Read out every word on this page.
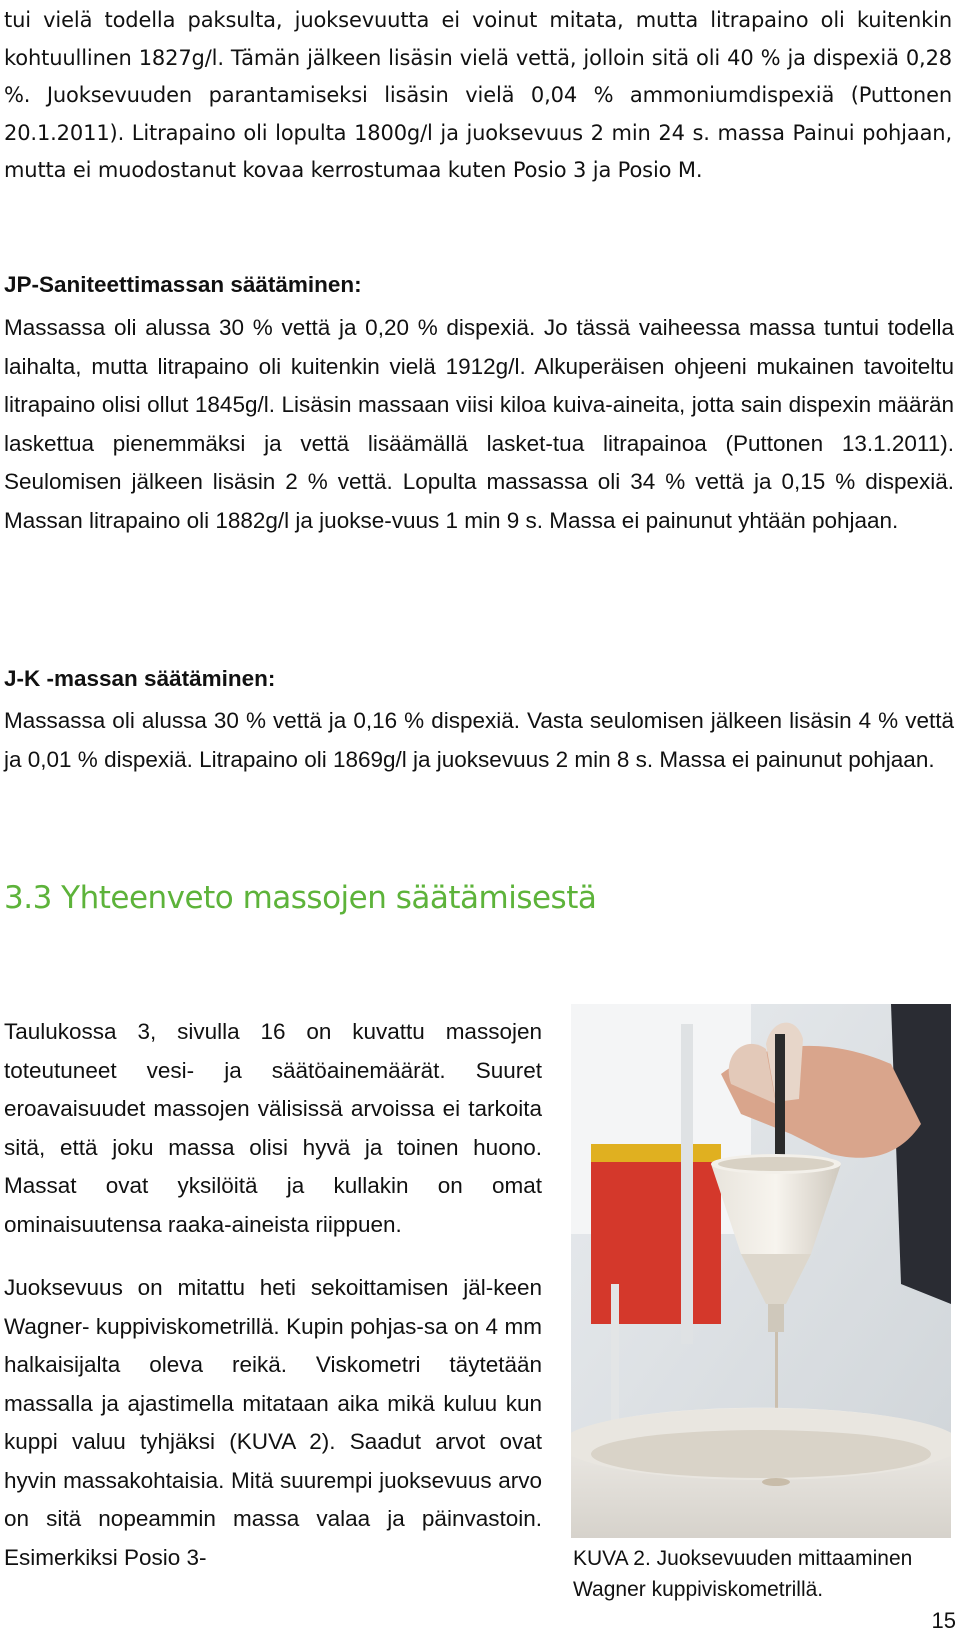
tui vielä todella paksulta, juoksevuutta ei voinut mitata, mutta litrapaino oli kuitenkin kohtuullinen 1827g/l. Tämän jälkeen lisäsin vielä vettä, jolloin sitä oli 40 % ja dispexiä 0,28 %. Juoksevuuden parantamiseksi lisäsin vielä 0,04 % ammoniumdispexiä (Puttonen 20.1.2011). Litrapaino oli lopulta 1800g/l ja juoksevuus 2 min 24 s. massa Painui pohjaan, mutta ei muodostanut kovaa kerrostumaa kuten Posio 3 ja Posio M.

JP-Saniteettimassan säätäminen:

Massassa oli alussa 30 % vettä ja 0,20 % dispexiä. Jo tässä vaiheessa massa tuntui todella laihalta, mutta litrapaino oli kuitenkin vielä 1912g/l. Alkuperäisen ohjeeni mukainen tavoiteltu litrapaino olisi ollut 1845g/l. Lisäsin massaan viisi kiloa kuiva-aineita, jotta sain dispexin määrän laskettua pienemmäksi ja vettä lisäämällä lasket-tua litrapainoa (Puttonen 13.1.2011). Seulomisen jälkeen lisäsin 2 % vettä. Lopulta massassa oli 34 % vettä ja 0,15 % dispexiä. Massan litrapaino oli 1882g/l ja juokse-vuus 1 min 9 s. Massa ei painunut yhtään pohjaan.

J-K -massan säätäminen:

Massassa oli alussa 30 % vettä ja 0,16 % dispexiä. Vasta seulomisen jälkeen lisäsin 4 % vettä ja 0,01 % dispexiä. Litrapaino oli 1869g/l ja juoksevuus 2 min 8 s. Massa ei painunut pohjaan.

3.3 Yhteenveto massojen säätämisestä

Taulukossa 3, sivulla 16 on kuvattu massojen toteutuneet vesi- ja säätöainemäärät. Suuret eroavaisuudet massojen välisissä arvoissa ei tarkoita sitä, että joku massa olisi hyvä ja toinen huono. Massat ovat yksilöitä ja kullakin on omat ominaisuutensa raaka-aineista riippuen.

Juoksevuus on mitattu heti sekoittamisen jäl-keen Wagner- kuppiviskometrillä. Kupin pohjas-sa on 4 mm halkaisijalta oleva reikä. Viskometri täytetään massalla ja ajastimella mitataan aika mikä kuluu kun kuppi valuu tyhjäksi (KUVA 2). Saadut arvot ovat hyvin massakohtaisia. Mitä suurempi juoksevuus arvo on sitä nopeammin massa valaa ja päinvastoin. Esimerkiksi Posio 3-	KUVA 2. Juoksevuuden mittaaminen Wagner kuppiviskometrillä.

15
